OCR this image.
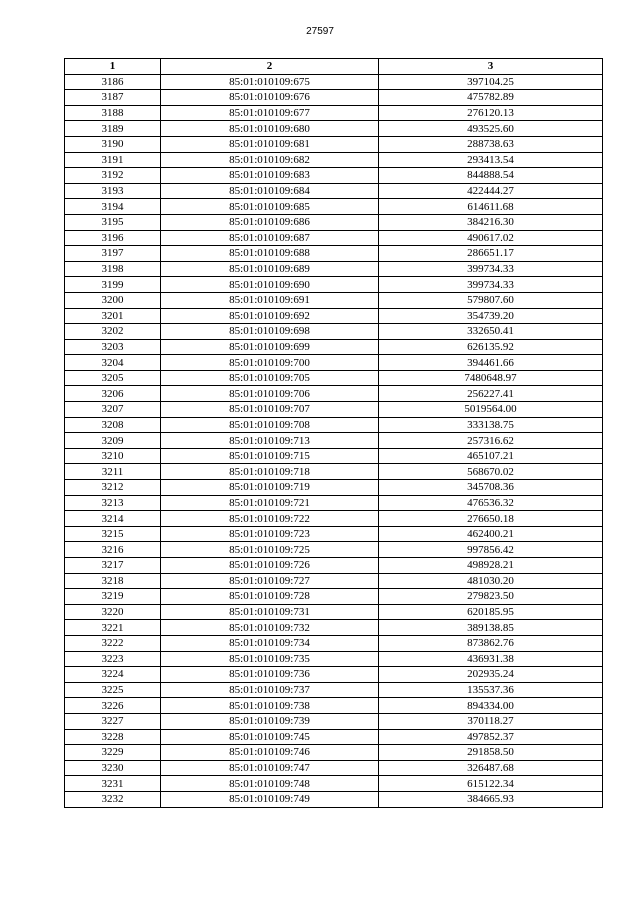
27597
1	2	3
3186	85:01:010109:675	397104.25
3187	85:01:010109:676	475782.89
3188	85:01:010109:677	276120.13
3189	85:01:010109:680	493525.60
3190	85:01:010109:681	288738.63
3191	85:01:010109:682	293413.54
3192	85:01:010109:683	844888.54
3193	85:01:010109:684	422444.27
3194	85:01:010109:685	614611.68
3195	85:01:010109:686	384216.30
3196	85:01:010109:687	490617.02
3197	85:01:010109:688	286651.17
3198	85:01:010109:689	399734.33
3199	85:01:010109:690	399734.33
3200	85:01:010109:691	579807.60
3201	85:01:010109:692	354739.20
3202	85:01:010109:698	332650.41
3203	85:01:010109:699	626135.92
3204	85:01:010109:700	394461.66
3205	85:01:010109:705	7480648.97
3206	85:01:010109:706	256227.41
3207	85:01:010109:707	5019564.00
3208	85:01:010109:708	333138.75
3209	85:01:010109:713	257316.62
3210	85:01:010109:715	465107.21
3211	85:01:010109:718	568670.02
3212	85:01:010109:719	345708.36
3213	85:01:010109:721	476536.32
3214	85:01:010109:722	276650.18
3215	85:01:010109:723	462400.21
3216	85:01:010109:725	997856.42
3217	85:01:010109:726	498928.21
3218	85:01:010109:727	481030.20
3219	85:01:010109:728	279823.50
3220	85:01:010109:731	620185.95
3221	85:01:010109:732	389138.85
3222	85:01:010109:734	873862.76
3223	85:01:010109:735	436931.38
3224	85:01:010109:736	202935.24
3225	85:01:010109:737	135537.36
3226	85:01:010109:738	894334.00
3227	85:01:010109:739	370118.27
3228	85:01:010109:745	497852.37
3229	85:01:010109:746	291858.50
3230	85:01:010109:747	326487.68
3231	85:01:010109:748	615122.34
3232	85:01:010109:749	384665.93
